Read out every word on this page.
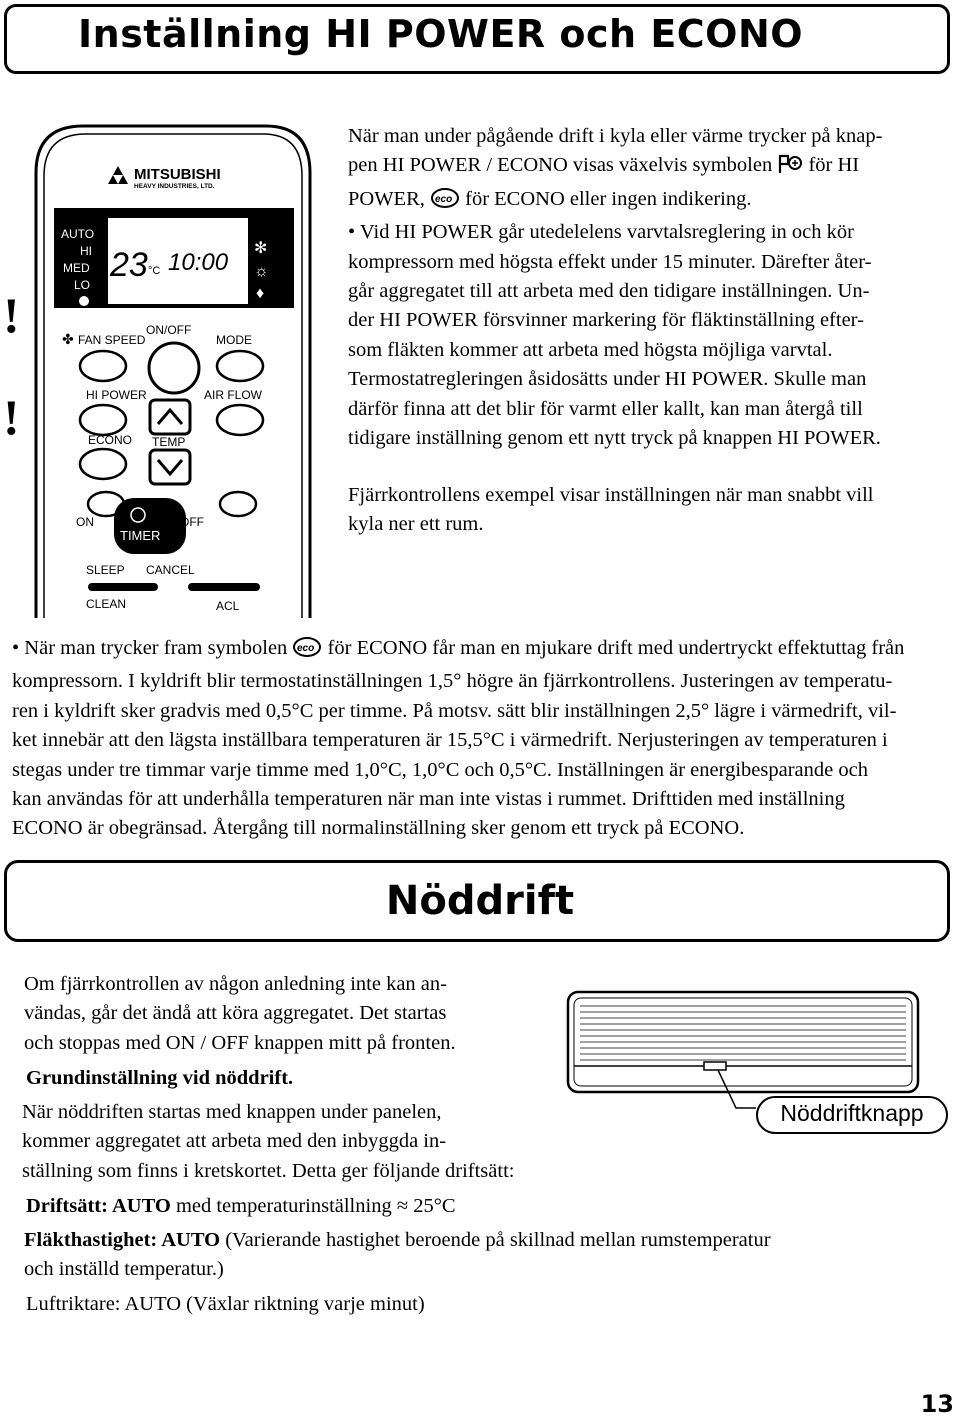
Inställning HI POWER och ECONO
!
!
MITSUBISHI
HEAVY INDUSTRIES, LTD.
AUTO
HI
MED
LO
23 °C 10:00
✻
☼
♦
✤ FAN SPEED
ON/OFF
MODE
HI POWER	AIR FLOW
TEMP
ECONO
ON
TIMER
OFF
SLEEP CANCEL
CLEAN	ACL
När man under pågående drift i kyla eller värme trycker på knap-
pen HI POWER / ECONO visas växelvis symbolen för HI
POWER, eco för ECONO eller ingen indikering.
• Vid HI POWER går utedelelens varvtalsreglering in och kör
kompressorn med högsta effekt under 15 minuter. Därefter åter-
går aggregatet till att arbeta med den tidigare inställningen. Un-
der HI POWER försvinner markering för fläktinställning efter-
som fläkten kommer att arbeta med högsta möjliga varvtal.
Termostatregleringen åsidosätts under HI POWER. Skulle man
därför finna att det blir för varmt eller kallt, kan man återgå till
tidigare inställning genom ett nytt tryck på knappen HI POWER.
Fjärrkontrollens exempel visar inställningen när man snabbt vill
kyla ner ett rum.
• När man trycker fram symbolen eco för ECONO får man en mjukare drift med undertryckt effektuttag från
kompressorn. I kyldrift blir termostatinställningen 1,5° högre än fjärrkontrollens. Justeringen av temperatu-
ren i kyldrift sker gradvis med 0,5°C per timme. På motsv. sätt blir inställningen 2,5° lägre i värmedrift, vil-
ket innebär att den lägsta inställbara temperaturen är 15,5°C i värmedrift. Nerjusteringen av temperaturen i
stegas under tre timmar varje timme med 1,0°C, 1,0°C och 0,5°C. Inställningen är energibesparande och
kan användas för att underhålla temperaturen när man inte vistas i rummet. Drifttiden med inställning
ECONO är obegränsad. Återgång till normalinställning sker genom ett tryck på ECONO.
Nöddrift
Om fjärrkontrollen av någon anledning inte kan an-
vändas, går det ändå att köra aggregatet. Det startas
och stoppas med ON / OFF knappen mitt på fronten.
Grundinställning vid nöddrift.
När nöddriften startas med knappen under panelen,
kommer aggregatet att arbeta med den inbyggda in-
ställning som finns i kretskortet. Detta ger följande driftsätt:
Driftsätt: AUTO med temperaturinställning ≈ 25°C
Fläkthastighet: AUTO (Varierande hastighet beroende på skillnad mellan rumstemperatur
och inställd temperatur.)
Luftriktare: AUTO (Växlar riktning varje minut)
Nöddriftknapp
13
